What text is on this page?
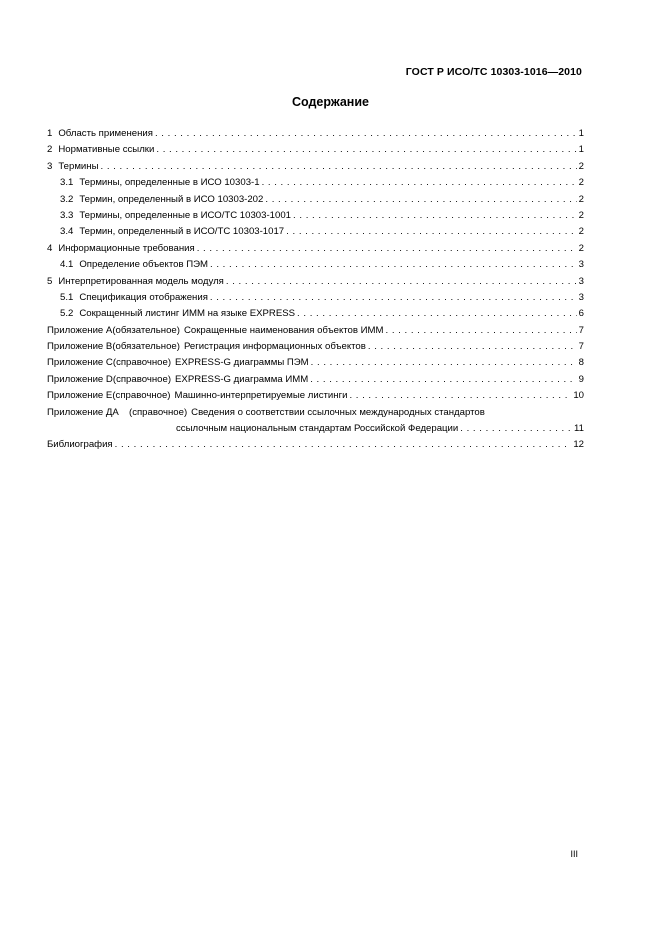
ГОСТ Р ИСО/ТС 10303-1016—2010
Содержание
1 Область применения . . .	1
2 Нормативные ссылки . . .	1
3 Термины . . .	2
3.1 Термины, определенные в ИСО 10303-1 . . .	2
3.2 Термин, определенный в ИСО 10303-202 . . .	2
3.3 Термины, определенные в ИСО/ТС 10303-1001 . . .	2
3.4 Термин, определенный в ИСО/ТС 10303-1017 . . .	2
4 Информационные требования . . .	2
4.1 Определение объектов ПЭМ . . .	3
5 Интерпретированная модель модуля . . .	3
5.1 Спецификация отображения . . .	3
5.2 Сокращенный листинг ИММ на языке EXPRESS . . .	6
Приложение А (обязательное) Сокращенные наименования объектов ИММ . . .	7
Приложение В (обязательное) Регистрация информационных объектов . . .	7
Приложение С (справочное) EXPRESS-G диаграммы ПЭМ . . .	8
Приложение D (справочное) EXPRESS-G диаграмма ИММ . . .	9
Приложение E (справочное) Машинно-интерпретируемые листинги . . .	10
Приложение ДА	(справочное) Сведения о соответствии ссылочных международных стандартов
ссылочным национальным стандартам Российской Федерации . . .	11
Библиография . . .	12
III
